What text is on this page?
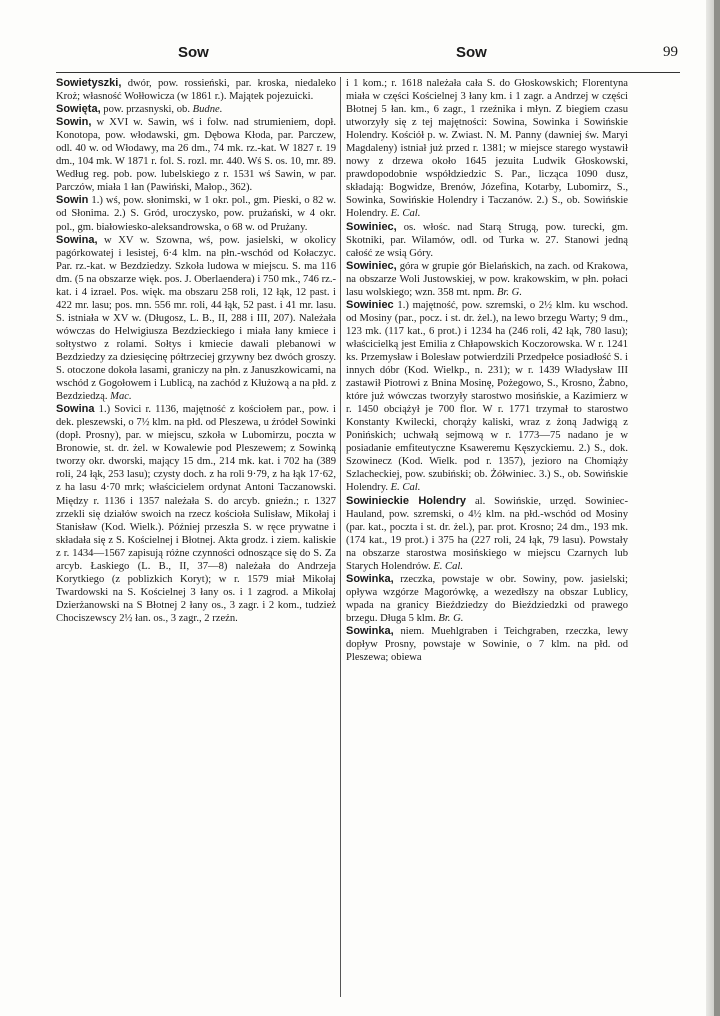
Sow	Sow	99

Sowietyszki, dwór, pow. rossieński, par. kroska, niedaleko Kroż; własność Wołłowicza (w 1861 r.). Majątek pojezuicki.

Sowięta, pow. przasnyski, ob. Budne.

Sowin, w XVI w. Sawin, wś i folw. nad strumieniem, dopł. Konotopa, pow. włodawski, gm. Dębowa Kłoda, par. Parczew, odl. 40 w. od Włodawy, ma 26 dm., 74 mk. rz.-kat. W 1827 r. 19 dm., 104 mk. W 1871 r. fol. S. rozl. mr. 440. Wś S. os. 10, mr. 89. Według reg. pob. pow. lubelskiego z r. 1531 wś Sawin, w par. Parczów, miała 1 łan (Pawiński, Małop., 362).

Sowin 1.) wś, pow. słonimski, w 1 okr. pol., gm. Pieski, o 82 w. od Słonima. 2.) S. Gród, uroczysko, pow. prużański, w 4 okr. pol., gm. białowiesko-aleksandrowska, o 68 w. od Prużany.

Sowina, w XV w. Szowna, wś, pow. jasielski, w okolicy pagórkowatej i lesistej, 6·4 klm. na płn.-wschód od Kołaczyc. Par. rz.-kat. w Bezdziedzy. Szkoła ludowa w miejscu. S. ma 116 dm. (5 na obszarze więk. pos. J. Oberlaendera) i 750 mk., 746 rz.-kat. i 4 izrael. Pos. więk. ma obszaru 258 roli, 12 łąk, 12 past. i 422 mr. lasu; pos. mn. 556 mr. roli, 44 łąk, 52 past. i 41 mr. lasu. S. istniała w XV w. (Długosz, L. B., II, 288 i III, 207). Należała wówczas do Helwigiusza Bezdzieckiego i miała łany kmiece i sołtystwo z rolami. Sołtys i kmiecie dawali plebanowi w Bezdziedzy za dziesięcinę półtrzeciej grzywny bez dwóch groszy. S. otoczone dokoła lasami, graniczy na płn. z Januszkowicami, na wschód z Gogołowem i Lublicą, na zachód z Kłużową a na płd. z Bezdziedzą. Mac.

Sowina 1.) Sovici r. 1136, majętność z kościołem par., pow. i dek. pleszewski, o 7½ klm. na płd. od Pleszewa, u źródeł Sowinki (dopł. Prosny), par. w miejscu, szkoła w Lubomirzu, poczta w Bronowie, st. dr. żel. w Kowalewie pod Pleszewem; z Sowinką tworzy okr. dworski, mający 15 dm., 214 mk. kat. i 702 ha (389 roli, 24 łąk, 253 lasu); czysty doch. z ha roli 9·79, z ha łąk 17·62, z ha lasu 4·70 mrk; właścicielem ordynat Antoni Taczanowski. Między r. 1136 i 1357 należała S. do arcyb. gnieźn.; r. 1327 zrzekli się działów swoich na rzecz kościoła Sulisław, Mikołaj i Stanisław (Kod. Wielk.). Później przeszła S. w ręce prywatne i składała się z S. Kościelnej i Błotnej. Akta grodz. i ziem. kaliskie z r. 1434—1567 zapisują różne czynności odnoszące się do S. Za arcyb. Łaskiego (L. B., II, 37—8) należała do Andrzeja Korytkiego (z poblizkich Koryt); w r. 1579 miał Mikołaj Twardowski na S. Kościelnej 3 łany os. i 1 zagrod. a Mikołaj Dzierżanowski na S Błotnej 2 łany os., 3 zagr. i 2 kom., tudzież Chociszewscy 2½ łan. os., 3 zagr., 2 rzeźn.

i 1 kom.; r. 1618 należała cała S. do Głoskowskich; Florentyna miała w części Kościelnej 3 łany km. i 1 zagr. a Andrzej w części Błotnej 5 łan. km., 6 zagr., 1 rzeźnika i młyn. Z biegiem czasu utworzyły się z tej majętności: Sowina, Sowinka i Sowińskie Holendry. Kościół p. w. Zwiast. N. M. Panny (dawniej św. Maryi Magdaleny) istniał już przed r. 1381; w miejsce starego wystawił nowy z drzewa około 1645 jezuita Ludwik Głoskowski, prawdopodobnie współdziedzic S. Par., licząca 1090 dusz, składają: Bogwidze, Brenów, Józefina, Kotarby, Lubomirz, S., Sowinka, Sowińskie Holendry i Taczanów. 2.) S., ob. Sowińskie Holendry. E. Cal.

Sowiniec, os. włośc. nad Starą Strugą, pow. turecki, gm. Skotniki, par. Wilamów, odl. od Turka w. 27. Stanowi jedną całość ze wsią Góry.

Sowiniec, góra w grupie gór Bielańskich, na zach. od Krakowa, na obszarze Woli Justowskiej, w pow. krakowskim, w płn. połaci lasu wolskiego; wzn. 358 mt. npm. Br. G.

Sowiniec 1.) majętność, pow. szremski, o 2½ klm. ku wschod. od Mosiny (par., pocz. i st. dr. żel.), na lewo brzegu Warty; 9 dm., 123 mk. (117 kat., 6 prot.) i 1234 ha (246 roli, 42 łąk, 780 lasu); właścicielką jest Emilia z Chłapowskich Koczorowska. W r. 1241 ks. Przemysław i Bolesław potwierdzili Przedpełce posiadłość S. i innych dóbr (Kod. Wielkp., n. 231); w r. 1439 Władysław III zastawił Piotrowi z Bnina Mosinę, Pożegowo, S., Krosno, Żabno, które już wówczas tworzyły starostwo mosińskie, a Kazimierz w r. 1450 obciążył je 700 flor. W r. 1771 trzymał to starostwo Konstanty Kwilecki, chorąży kaliski, wraz z żoną Jadwigą z Ponińskich; uchwałą sejmową w r. 1773—75 nadano je w posiadanie emfiteutyczne Ksaweremu Kęszyckiemu. 2.) S., dok. Szowinecz (Kod. Wielk. pod r. 1357), jezioro na Chomiąży Szlacheckiej, pow. szubiński; ob. Żółwiniec. 3.) S., ob. Sowińskie Holendry. E. Cal.

Sowinieckie Holendry al. Sowińskie, urzęd. Sowiniec-Hauland, pow. szremski, o 4½ klm. na płd.-wschód od Mosiny (par. kat., poczta i st. dr. żel.), par. prot. Krosno; 24 dm., 193 mk. (174 kat., 19 prot.) i 375 ha (227 roli, 24 łąk, 79 lasu). Powstały na obszarze starostwa mosińskiego w miejscu Czarnych lub Starych Holendrów. E. Cal.

Sowinka, rzeczka, powstaje w obr. Sowiny, pow. jasielski; opływa wzgórze Magorówkę, a wezedłszy na obszar Lublicy, wpada na granicy Bieździedzy do Bieździedzki od prawego brzegu. Długa 5 klm. Br. G.

Sowinka, niem. Muehlgraben i Teichgraben, rzeczka, lewy dopływ Prosny, powstaje w Sowinie, o 7 klm. na płd. od Pleszewa; obiewa
